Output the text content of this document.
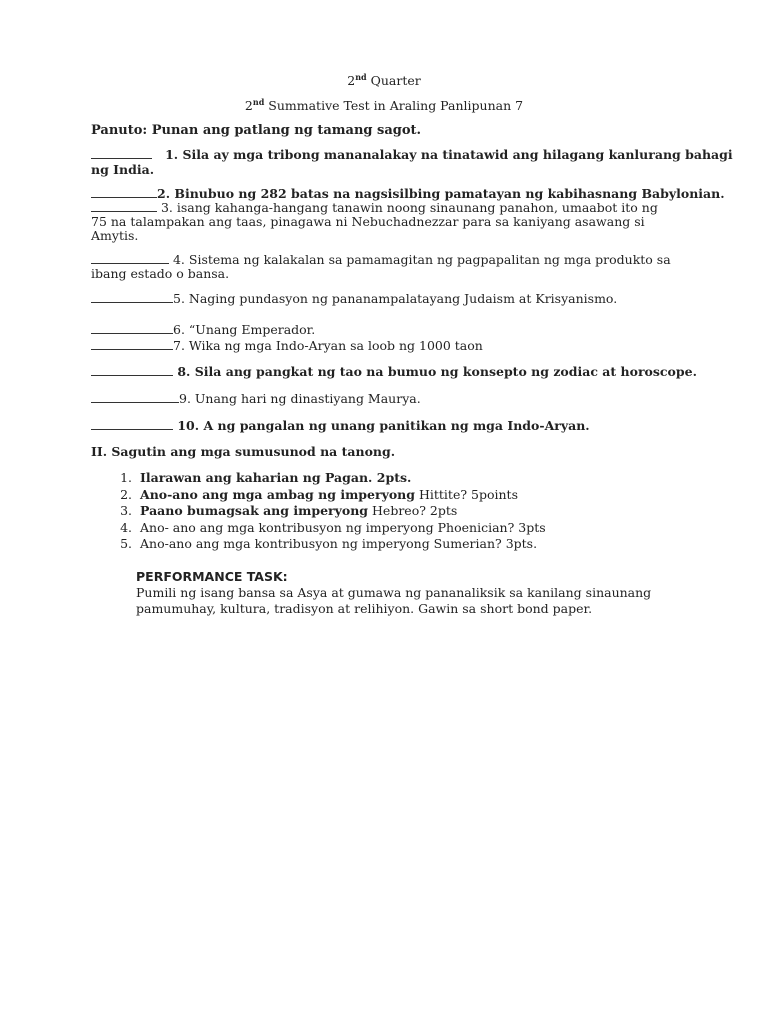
2nd Quarter
2nd Summative Test in Araling Panlipunan 7
Panuto: Punan ang patlang ng tamang sagot.
1. Sila ay mga tribong mananalakay na tinatawid ang hilagang kanlurang bahagi
ng India.
2. Binubuo ng 282 batas na nagsisilbing pamatayan ng kabihasnang Babylonian.
3. isang kahanga-hangang tanawin noong sinaunang panahon, umaabot ito ng
75 na talampakan ang taas, pinagawa ni Nebuchadnezzar para sa kaniyang asawang si
Amytis.
4. Sistema ng kalakalan sa pamamagitan ng pagpapalitan ng mga produkto sa
ibang estado o bansa.
5. Naging pundasyon ng pananampalatayang Judaism at Krisyanismo.
6. “Unang Emperador.
7. Wika ng mga Indo-Aryan sa loob ng 1000 taon
8. Sila ang pangkat ng tao na bumuo ng konsepto ng zodiac at horoscope.
9. Unang hari ng dinastiyang Maurya.
10. A ng pangalan ng unang panitikan ng mga Indo-Aryan.
II. Sagutin ang mga sumusunod na tanong.
1. Ilarawan ang kaharian ng Pagan. 2pts.
2. Ano-ano ang mga ambag ng imperyong Hittite? 5points
3. Paano bumagsak ang imperyong Hebreo? 2pts
4. Ano- ano ang mga kontribusyon ng imperyong Phoenician? 3pts
5. Ano-ano ang mga kontribusyon ng imperyong Sumerian? 3pts.
PERFORMANCE TASK:
Pumili ng isang bansa sa Asya at gumawa ng pananaliksik sa kanilang sinaunang
pamumuhay, kultura, tradisyon at relihiyon. Gawin sa short bond paper.
